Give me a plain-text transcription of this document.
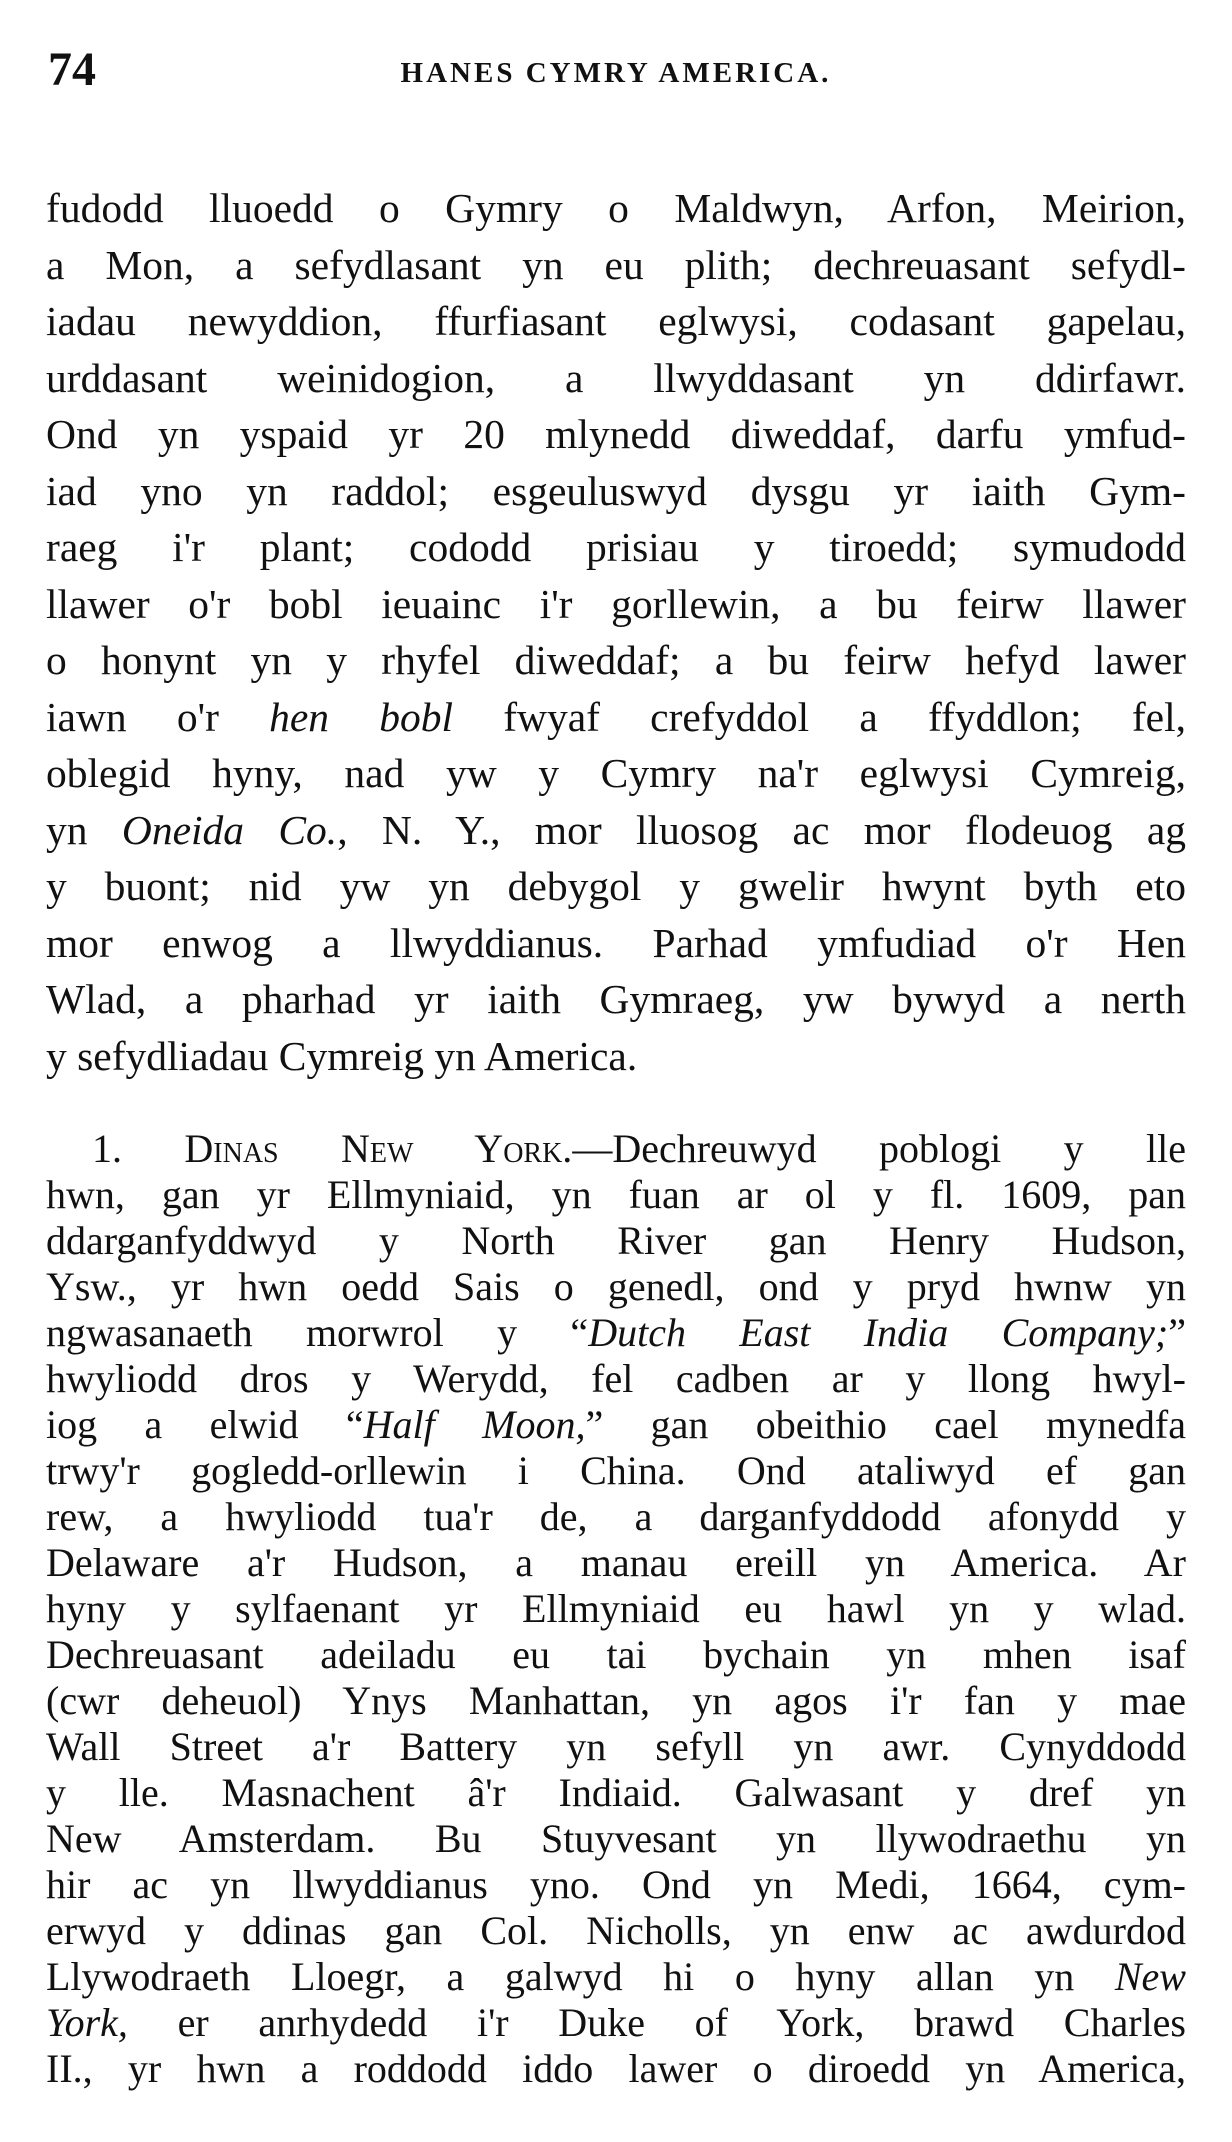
74	HANES CYMRY AMERICA.
fudodd lluoedd o Gymry o Maldwyn, Arfon, Meirion,
a Mon, a sefydlasant yn eu plith; dechreuasant sefydl-
iadau newyddion, ffurfiasant eglwysi, codasant gapelau,
urddasant weinidogion, a llwyddasant yn ddirfawr.
Ond yn yspaid yr 20 mlynedd diweddaf, darfu ymfud-
iad yno yn raddol; esgeuluswyd dysgu yr iaith Gym-
raeg i'r plant; cododd prisiau y tiroedd; symudodd
llawer o'r bobl ieuainc i'r gorllewin, a bu feirw llawer
o honynt yn y rhyfel diweddaf; a bu feirw hefyd lawer
iawn o'r hen bobl fwyaf crefyddol a ffyddlon; fel,
oblegid hyny, nad yw y Cymry na'r eglwysi Cymreig,
yn Oneida Co., N. Y., mor lluosog ac mor flodeuog ag
y buont; nid yw yn debygol y gwelir hwynt byth eto
mor enwog a llwyddianus. Parhad ymfudiad o'r Hen
Wlad, a pharhad yr iaith Gymraeg, yw bywyd a nerth
y sefydliadau Cymreig yn America.
1. Dinas New York.—Dechreuwyd poblogi y lle
hwn, gan yr Ellmyniaid, yn fuan ar ol y fl. 1609, pan
ddarganfyddwyd y North River gan Henry Hudson,
Ysw., yr hwn oedd Sais o genedl, ond y pryd hwnw yn
ngwasanaeth morwrol y “Dutch East India Company;”
hwyliodd dros y Werydd, fel cadben ar y llong hwyl-
iog a elwid “Half Moon,” gan obeithio cael mynedfa
trwy'r gogledd-orllewin i China. Ond ataliwyd ef gan
rew, a hwyliodd tua'r de, a darganfyddodd afonydd y
Delaware a'r Hudson, a manau ereill yn America. Ar
hyny y sylfaenant yr Ellmyniaid eu hawl yn y wlad.
Dechreuasant adeiladu eu tai bychain yn mhen isaf
(cwr deheuol) Ynys Manhattan, yn agos i'r fan y mae
Wall Street a'r Battery yn sefyll yn awr. Cynyddodd
y lle. Masnachent â'r Indiaid. Galwasant y dref yn
New Amsterdam. Bu Stuyvesant yn llywodraethu yn
hir ac yn llwyddianus yno. Ond yn Medi, 1664, cym-
erwyd y ddinas gan Col. Nicholls, yn enw ac awdurdod
Llywodraeth Lloegr, a galwyd hi o hyny allan yn New
York, er anrhydedd i'r Duke of York, brawd Charles
II., yr hwn a roddodd iddo lawer o diroedd yn America,
